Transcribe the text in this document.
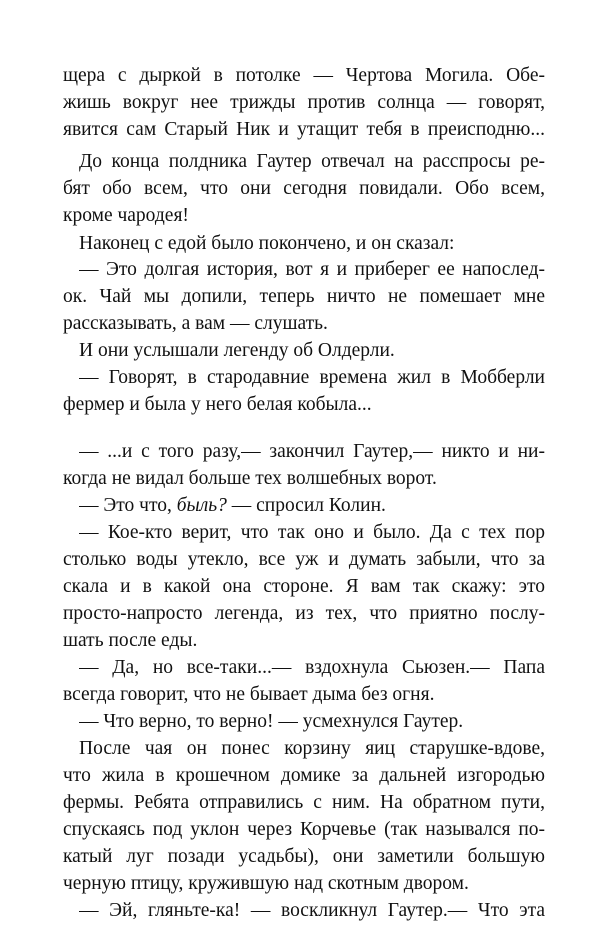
щера с дыркой в потолке — Чертова Могила. Обе-
жишь вокруг нее трижды против солнца — говорят,
явится сам Старый Ник и утащит тебя в преисподню...
До конца полдника Гаутер отвечал на расспросы ре-
бят обо всем, что они сегодня повидали. Обо всем,
кроме чародея!
Наконец с едой было покончено, и он сказал:
— Это долгая история, вот я и приберег ее напослед-
ок. Чай мы допили, теперь ничто не помешает мне
рассказывать, а вам — слушать.
И они услышали легенду об Олдерли.
— Говорят, в стародавние времена жил в Мобберли
фермер и была у него белая кобыла...
— ...и с того разу,— закончил Гаутер,— никто и ни-
когда не видал больше тех волшебных ворот.
— Это что, быль? — спросил Колин.
— Кое-кто верит, что так оно и было. Да с тех пор
столько воды утекло, все уж и думать забыли, что за
скала и в какой она стороне. Я вам так скажу: это
просто-напросто легенда, из тех, что приятно послу-
шать после еды.
— Да, но все-таки...— вздохнула Сьюзен.— Папа
всегда говорит, что не бывает дыма без огня.
— Что верно, то верно! — усмехнулся Гаутер.
После чая он понес корзину яиц старушке-вдове,
что жила в крошечном домике за дальней изгородью
фермы. Ребята отправились с ним. На обратном пути,
спускаясь под уклон через Корчевье (так назывался по-
катый луг позади усадьбы), они заметили большую
черную птицу, кружившую над скотным двором.
— Эй, гляньте-ка! — воскликнул Гаутер.— Что эта
